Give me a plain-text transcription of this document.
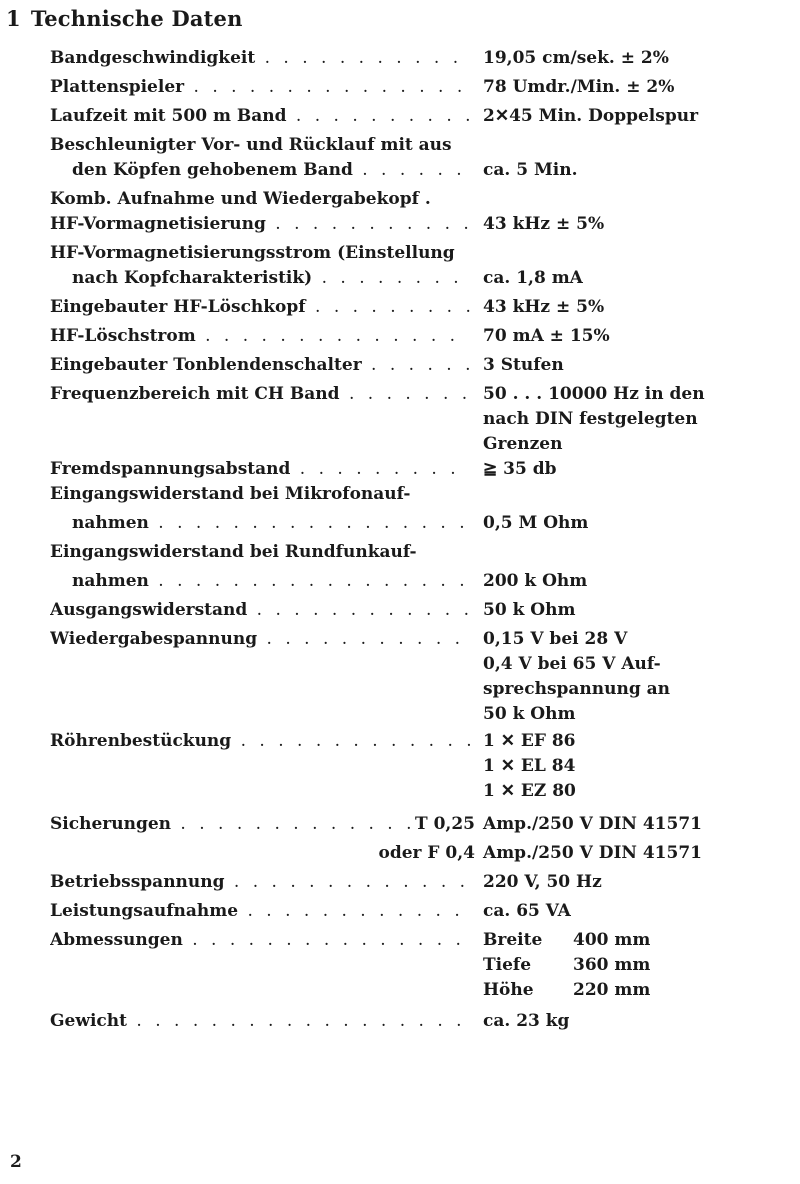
1 Technische Daten
Bandgeschwindigkeit . . .	19,05 cm/sek. ± 2%
Plattenspieler . . .	78 Umdr./Min. ± 2%
Laufzeit mit 500 m Band . . .	2✕45 Min. Doppelspur
Beschleunigter Vor- und Rücklauf mit aus
den Köpfen gehobenem Band . . .	ca. 5 Min.
Komb. Aufnahme und Wiedergabekopf .
HF-Vormagnetisierung . . .	43 kHz ± 5%
HF-Vormagnetisierungsstrom (Einstellung
nach Kopfcharakteristik) . . .	ca. 1,8 mA
Eingebauter HF-Löschkopf . . .	43 kHz ± 5%
HF-Löschstrom . . .	70 mA ± 15%
Eingebauter Tonblendenschalter . . .	3 Stufen
Frequenzbereich mit CH Band . . .	50 . . . 10000 Hz in den
nach DIN festgelegten
Grenzen
Fremdspannungsabstand . . .	≧ 35 db
Eingangswiderstand bei Mikrofonauf-
nahmen . . .	0,5 M Ohm
Eingangswiderstand bei Rundfunkauf-
nahmen . . .	200 k Ohm
Ausgangswiderstand . . .	50 k Ohm
Wiedergabespannung . . .	0,15 V bei 28 V
0,4 V bei 65 V Auf-
sprechspannung an
50 k Ohm
Röhrenbestückung . . .	1 ✕ EF 86
1 ✕ EL 84
1 ✕ EZ 80
Sicherungen . . .	T 0,25 Amp./250 V DIN 41571
oder F 0,4 Amp./250 V DIN 41571
Betriebsspannung . . .	220 V, 50 Hz
Leistungsaufnahme . . .	ca. 65 VA
Abmessungen . . .	Breite 400 mm
Tiefe 360 mm
Höhe 220 mm
Gewicht . . .	ca. 23 kg
2
